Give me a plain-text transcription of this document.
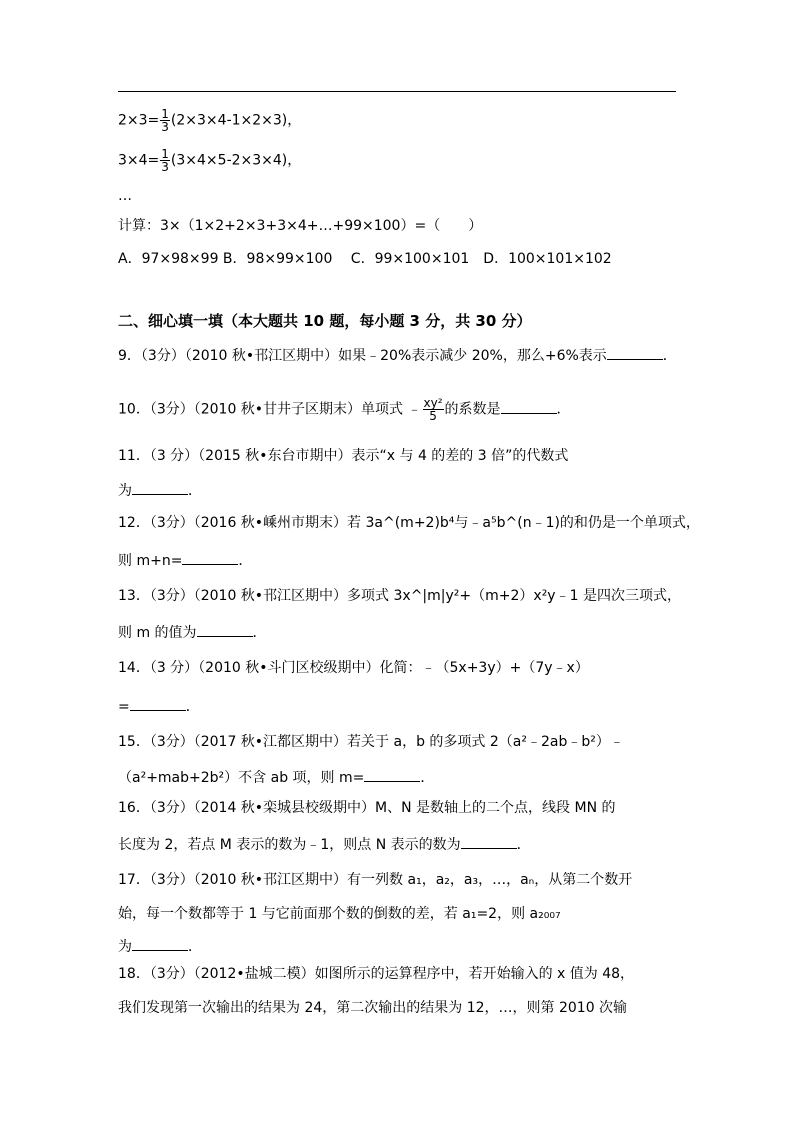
$2\times 3= \frac{1}{3} (2\times 3\times 4-1\times 2\times 3)$，
$3\times 4= \frac{1}{3} (3\times 4\times 5-2\times 3\times 4)$，
…
计算：3×（1×2+2×3+3×4+…+99×100）=（　　）
A．97×98×99 B．98×99×100　 C．99×100×101　D．100×101×102
二、细心填一填（本大题共 10 题，每小题 3 分，共 30 分）
9．（3分）（2010 秋•邗江区期中）如果﹣20%表示减少 20%，那么+6%表示	．
10．（3分）（2010 秋•甘井子区期末）单项式 ﹣ $\frac{\text{xy²}}{5}$ 的系数是	．
11．（3 分）（2015 秋•东台市期中）表示“x 与 4 的差的 3 倍”的代数式
为	．
12．（3分）（2016 秋•嵊州市期末）若 3a^(m+2)b⁴与﹣a⁵b^(n﹣1)的和仍是一个单项式，
则 m+n=	．
13．（3分）（2010 秋•邗江区期中）多项式 3x^|m|y²+（m+2）x²y﹣1 是四次三项式，
则 m 的值为	．
14．（3 分）（2010 秋•斗门区校级期中）化简：﹣（5x+3y）+（7y﹣x）
=	．
15．（3分）（2017 秋•江都区期中）若关于 a，b 的多项式 2（a²﹣2ab﹣b²）﹣
（a²+mab+2b²）不含 ab 项，则 m=	．
16．（3分）（2014 秋•栾城县校级期中）M、N 是数轴上的二个点，线段 MN 的
长度为 2，若点 M 表示的数为﹣1，则点 N 表示的数为	．
17．（3分）（2010 秋•邗江区期中）有一列数 a₁，a₂，a₃，…，aₙ，从第二个数开
始，每一个数都等于 1 与它前面那个数的倒数的差，若 a₁=2，则 a₂₀₀₇
为	．
18．（3分）（2012•盐城二模）如图所示的运算程序中，若开始输入的 x 值为 48，
我们发现第一次输出的结果为 24，第二次输出的结果为 12，…，则第 2010 次输
